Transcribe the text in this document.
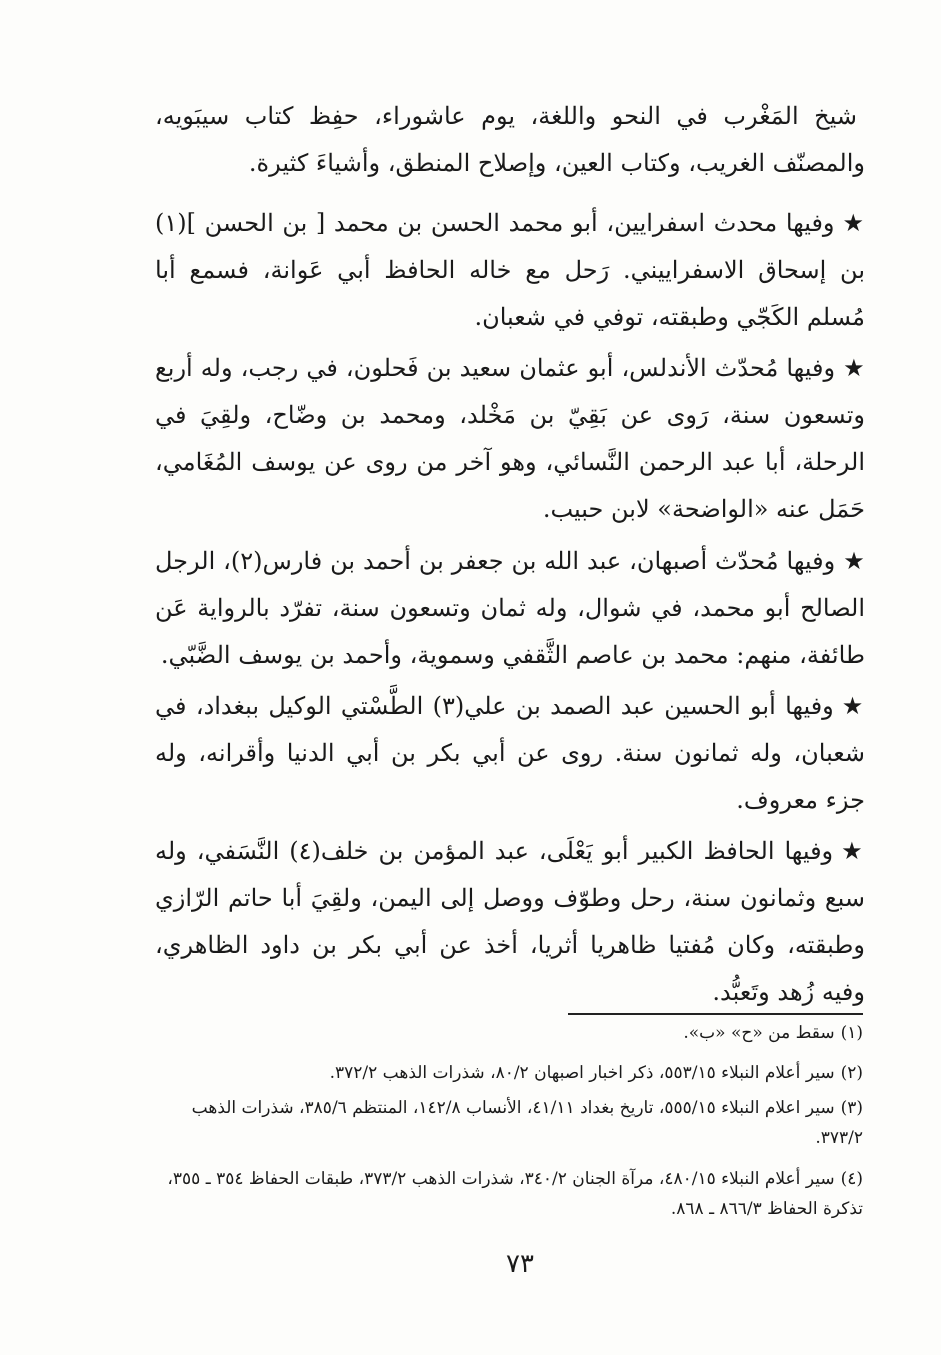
شيخ المَغْرب في النحو واللغة، يوم عاشوراء، حفِظ كتاب سيبَويه، والمصنّف الغريب، وكتاب العين، وإصلاح المنطق، وأشياءَ كثيرة.

★وفيها محدث اسفرايين، أبو محمد الحسن بن محمد [ بن الحسن ](١) بن إسحاق الاسفراييني. رَحل مع خاله الحافظ أبي عَوانة، فسمع أبا مُسلم الكَجّي وطبقته، توفي في شعبان.

★وفيها مُحدّث الأندلس، أبو عثمان سعيد بن فَحلون، في رجب، وله أربع وتسعون سنة، رَوى عن بَقِيّ بن مَخْلد، ومحمد بن وضّاح، ولقِيَ في الرحلة، أبا عبد الرحمن النَّسائي، وهو آخر من روى عن يوسف المُغَامي، حَمَل عنه «الواضحة» لابن حبيب.

★وفيها مُحدّث أصبهان، عبد الله بن جعفر بن أحمد بن فارس(٢)، الرجل الصالح أبو محمد، في شوال، وله ثمان وتسعون سنة، تفرّد بالرواية عَن طائفة، منهم: محمد بن عاصم الثَّقفي وسموية، وأحمد بن يوسف الضَّبّي.

★وفيها أبو الحسين عبد الصمد بن علي(٣) الطَّسْتي الوكيل ببغداد، في شعبان، وله ثمانون سنة. روى عن أبي بكر بن أبي الدنيا وأقرانه، وله جزء معروف.

★وفيها الحافظ الكبير أبو يَعْلَى، عبد المؤمن بن خلف(٤) النَّسَفي، وله سبع وثمانون سنة، رحل وطوّف ووصل إلى اليمن، ولقِيَ أبا حاتم الرّازي وطبقته، وكان مُفتيا ظاهريا أثريا، أخذ عن أبي بكر بن داود الظاهري، وفيه زُهد وتَعبُّد.

(١)سقط من «ح» «ب».

(٢)سير أعلام النبلاء ٥٥٣/١٥، ذكر اخبار اصبهان ٨٠/٢، شذرات الذهب ٣٧٢/٢.

(٣)سير اعلام النبلاء ٥٥٥/١٥، تاريخ بغداد ٤١/١١، الأنساب ١٤٢/٨، المنتظم ٣٨٥/٦، شذرات الذهب ٣٧٣/٢.

(٤)سير أعلام النبلاء ٤٨٠/١٥، مرآة الجنان ٣٤٠/٢، شذرات الذهب ٣٧٣/٢، طبقات الحفاظ ٣٥٤ ـ ٣٥٥، تذكرة الحفاظ ٨٦٦/٣ ـ ٨٦٨.

٧٣
